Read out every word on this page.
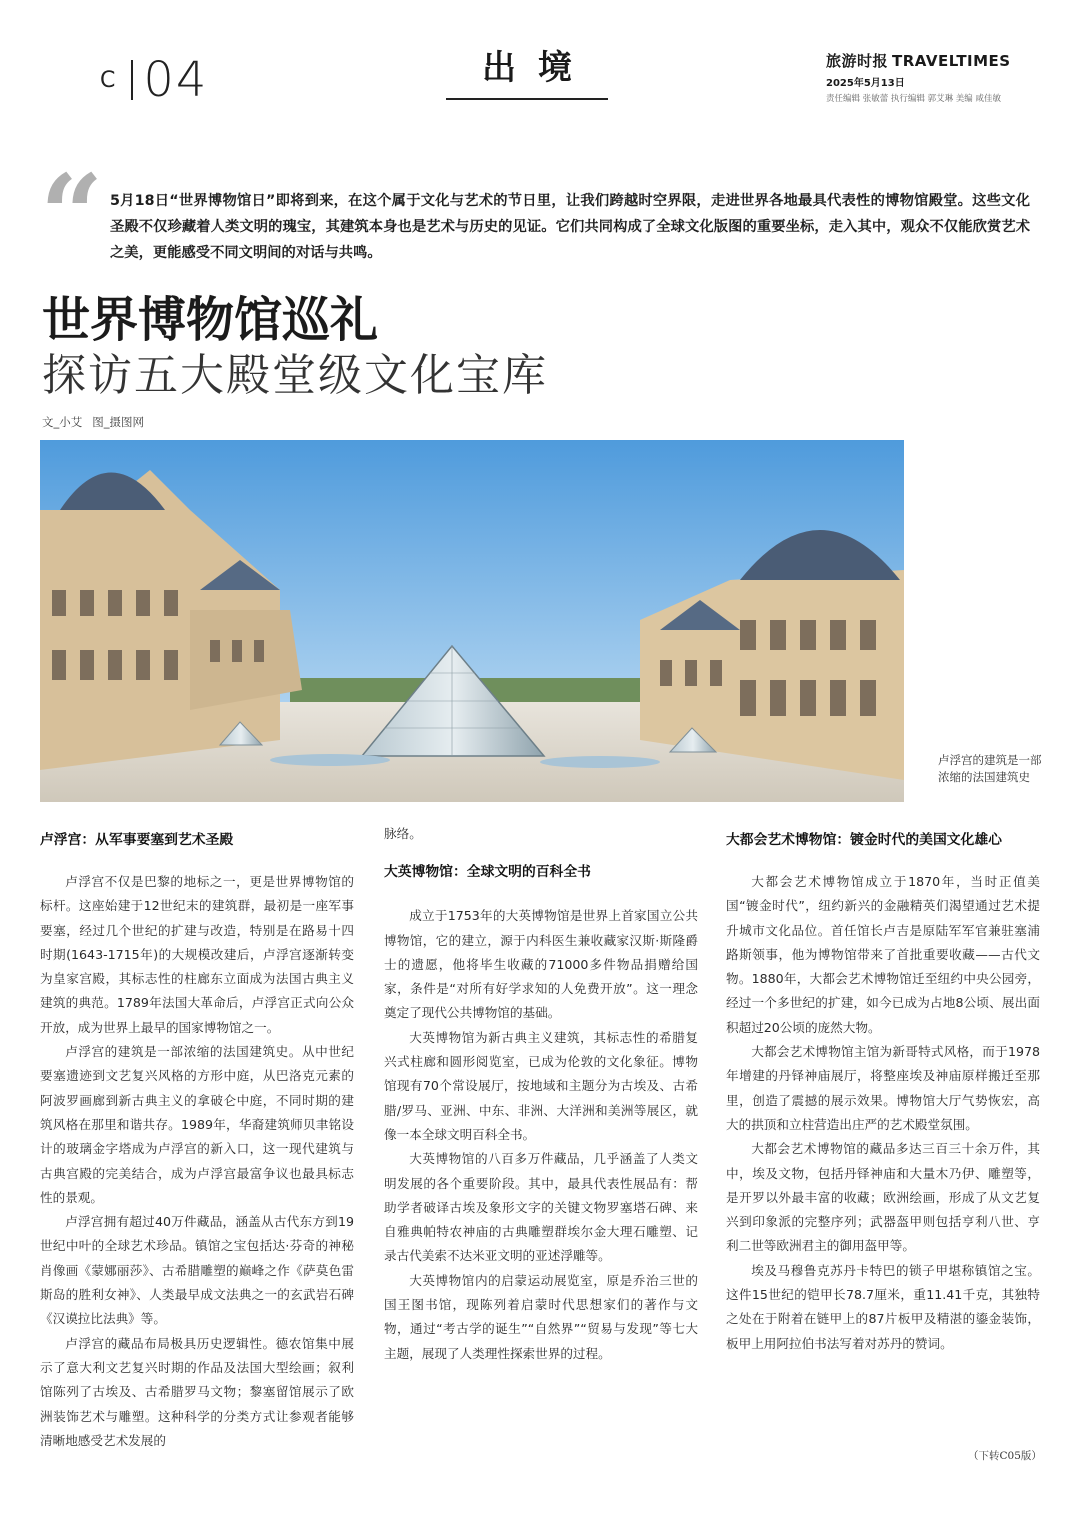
C 04	出境	旅游时报 TRAVELTIMES
2025年5月13日
责任编辑 张敏蕾 执行编辑 郭艾琳 美编 咸佳敏
“ 5月18日“世界博物馆日”即将到来，在这个属于文化与艺术的节日里，让我们跨越时空界限，走进世界各地最具代表性的博物馆殿堂。这些文化圣殿不仅珍藏着人类文明的瑰宝，其建筑本身也是艺术与历史的见证。它们共同构成了全球文化版图的重要坐标，走入其中，观众不仅能欣赏艺术之美，更能感受不同文明间的对话与共鸣。
世界博物馆巡礼
探访五大殿堂级文化宝库
文_小艾 图_摄图网
卢浮宫的建筑是一部浓缩的法国建筑史
卢浮宫：从军事要塞到艺术圣殿

卢浮宫不仅是巴黎的地标之一，更是世界博物馆的标杆。这座始建于12世纪末的建筑群，最初是一座军事要塞，经过几个世纪的扩建与改造，特别是在路易十四时期(1643-1715年)的大规模改建后，卢浮宫逐渐转变为皇家宫殿，其标志性的柱廊东立面成为法国古典主义建筑的典范。1789年法国大革命后，卢浮宫正式向公众开放，成为世界上最早的国家博物馆之一。

卢浮宫的建筑是一部浓缩的法国建筑史。从中世纪要塞遗迹到文艺复兴风格的方形中庭，从巴洛克元素的阿波罗画廊到新古典主义的拿破仑中庭，不同时期的建筑风格在那里和谐共存。1989年，华裔建筑师贝聿铭设计的玻璃金字塔成为卢浮宫的新入口，这一现代建筑与古典宫殿的完美结合，成为卢浮宫最富争议也最具标志性的景观。

卢浮宫拥有超过40万件藏品，涵盖从古代东方到19世纪中叶的全球艺术珍品。镇馆之宝包括达·芬奇的神秘肖像画《蒙娜丽莎》、古希腊雕塑的巅峰之作《萨莫色雷斯岛的胜利女神》、人类最早成文法典之一的玄武岩石碑《汉谟拉比法典》等。

卢浮宫的藏品布局极具历史逻辑性。德农馆集中展示了意大利文艺复兴时期的作品及法国大型绘画；叙利馆陈列了古埃及、古希腊罗马文物；黎塞留馆展示了欧洲装饰艺术与雕塑。这种科学的分类方式让参观者能够清晰地感受艺术发展的

脉络。

大英博物馆：全球文明的百科全书

成立于1753年的大英博物馆是世界上首家国立公共博物馆，它的建立，源于内科医生兼收藏家汉斯·斯隆爵士的遗愿，他将毕生收藏的71000多件物品捐赠给国家，条件是“对所有好学求知的人免费开放”。这一理念奠定了现代公共博物馆的基础。

大英博物馆为新古典主义建筑，其标志性的希腊复兴式柱廊和圆形阅览室，已成为伦敦的文化象征。博物馆现有70个常设展厅，按地域和主题分为古埃及、古希腊/罗马、亚洲、中东、非洲、大洋洲和美洲等展区，就像一本全球文明百科全书。

大英博物馆的八百多万件藏品，几乎涵盖了人类文明发展的各个重要阶段。其中，最具代表性展品有：帮助学者破译古埃及象形文字的关键文物罗塞塔石碑、来自雅典帕特农神庙的古典雕塑群埃尔金大理石雕塑、记录古代美索不达米亚文明的亚述浮雕等。

大英博物馆内的启蒙运动展览室，原是乔治三世的国王图书馆，现陈列着启蒙时代思想家们的著作与文物，通过“考古学的诞生”“自然界”“贸易与发现”等七大主题，展现了人类理性探索世界的过程。

大都会艺术博物馆：镀金时代的美国文化雄心

大都会艺术博物馆成立于1870年，当时正值美国“镀金时代”，纽约新兴的金融精英们渴望通过艺术提升城市文化品位。首任馆长卢吉是原陆军军官兼驻塞浦路斯领事，他为博物馆带来了首批重要收藏——古代文物。1880年，大都会艺术博物馆迁至纽约中央公园旁，经过一个多世纪的扩建，如今已成为占地8公顷、展出面积超过20公顷的庞然大物。

大都会艺术博物馆主馆为新哥特式风格，而于1978年增建的丹铎神庙展厅，将整座埃及神庙原样搬迁至那里，创造了震撼的展示效果。博物馆大厅气势恢宏，高大的拱顶和立柱营造出庄严的艺术殿堂氛围。

大都会艺术博物馆的藏品多达三百三十余万件，其中，埃及文物，包括丹铎神庙和大量木乃伊、雕塑等，是开罗以外最丰富的收藏；欧洲绘画，形成了从文艺复兴到印象派的完整序列；武器盔甲则包括亨利八世、亨利二世等欧洲君主的御用盔甲等。

埃及马穆鲁克苏丹卡特巴的锁子甲堪称镇馆之宝。这件15世纪的铠甲长78.7厘米，重11.41千克，其独特之处在于附着在链甲上的87片板甲及精湛的鎏金装饰，板甲上用阿拉伯书法写着对苏丹的赞词。

（下转C05版）
